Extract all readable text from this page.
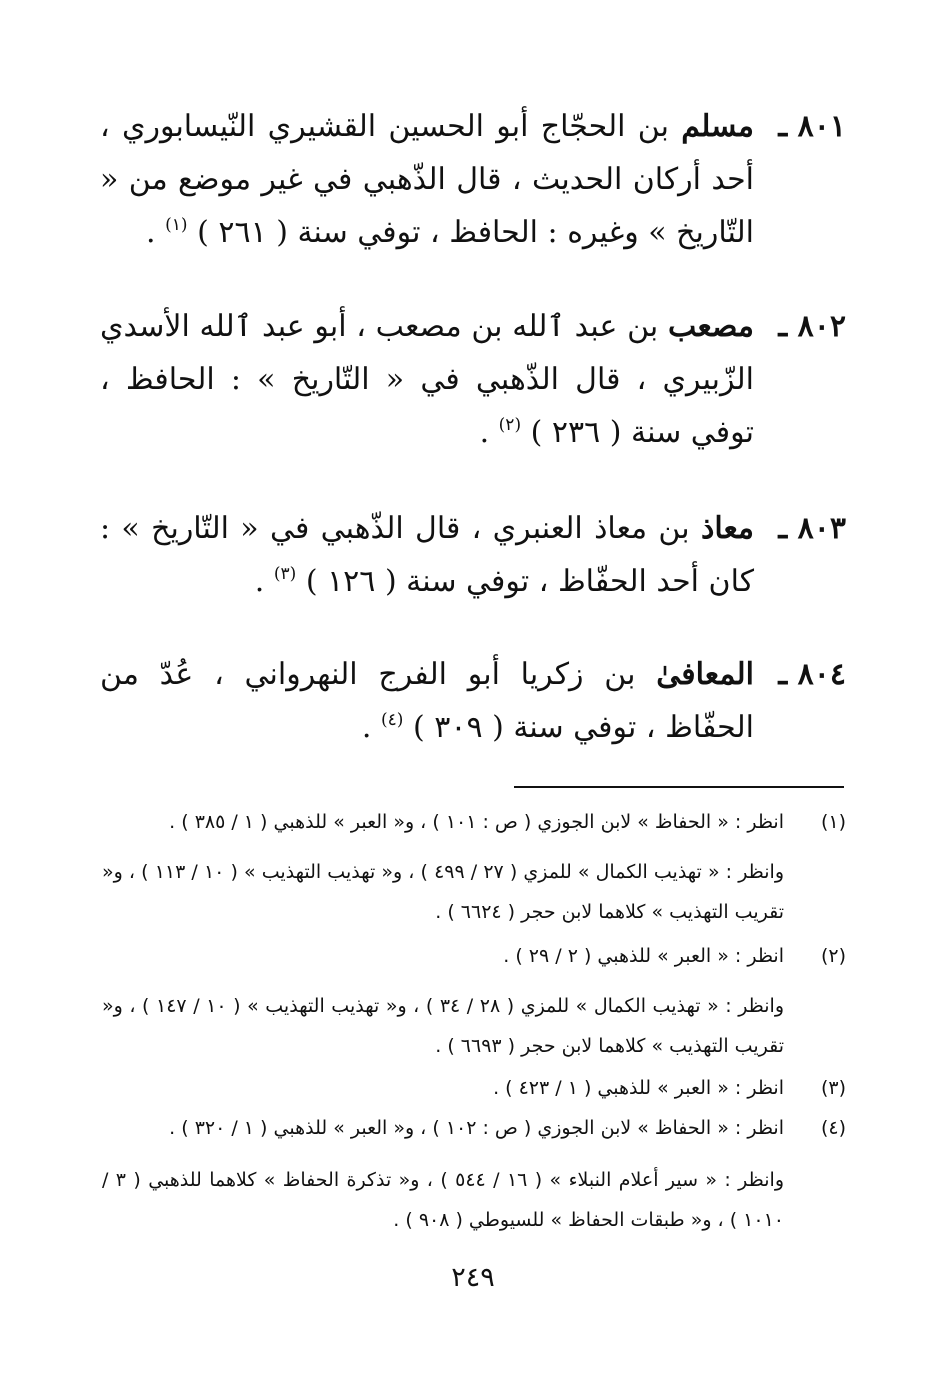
٨٠١ ـ
مسلم بن الحجّاج أبو الحسين القشيري النّيسابوري ، أحد أركان الحديث ، قال الذّهبي في غير موضع من « التّاريخ » وغيره : الحافظ ، توفي سنة ( ٢٦١ ) $^{(١)}$ .
٨٠٢ ـ
مصعب بن عبد ٱلله بن مصعب ، أبو عبد ٱلله الأسدي الزّبيري ، قال الذّهبي في « التّاريخ » : الحافظ ، توفي سنة ( ٢٣٦ ) $^{(٢)}$ .
٨٠٣ ـ
معاذ بن معاذ العنبري ، قال الذّهبي في « التّاريخ » : كان أحد الحفّاظ ، توفي سنة ( ١٢٦ ) $^{(٣)}$ .
٨٠٤ ـ
المعافىٰ بن زكريا أبو الفرج النهرواني ، عُدّ من الحفّاظ ، توفي سنة ( ٣٠٩ ) $^{(٤)}$ .
(١)
انظر : « الحفاظ » لابن الجوزي ( ص : ١٠١ ) ، و« العبر » للذهبي ( ١ / ٣٨٥ ) .
وانظر : « تهذيب الكمال » للمزي ( ٢٧ / ٤٩٩ ) ، و« تهذيب التهذيب » ( ١٠ / ١١٣ ) ، و« تقريب التهذيب » كلاهما لابن حجر ( ٦٦٢٤ ) .
(٢)
انظر : « العبر » للذهبي ( ٢ / ٢٩ ) .
وانظر : « تهذيب الكمال » للمزي ( ٢٨ / ٣٤ ) ، و« تهذيب التهذيب » ( ١٠ / ١٤٧ ) ، و« تقريب التهذيب » كلاهما لابن حجر ( ٦٦٩٣ ) .
(٣)
انظر : « العبر » للذهبي ( ١ / ٤٢٣ ) .
(٤)
انظر : « الحفاظ » لابن الجوزي ( ص : ١٠٢ ) ، و« العبر » للذهبي ( ١ / ٣٢٠ ) .
وانظر : « سير أعلام النبلاء » ( ١٦ / ٥٤٤ ) ، و« تذكرة الحفاظ » كلاهما للذهبي ( ٣ / ١٠١٠ ) ، و« طبقات الحفاظ » للسيوطي ( ٩٠٨ ) .
٢٤٩
